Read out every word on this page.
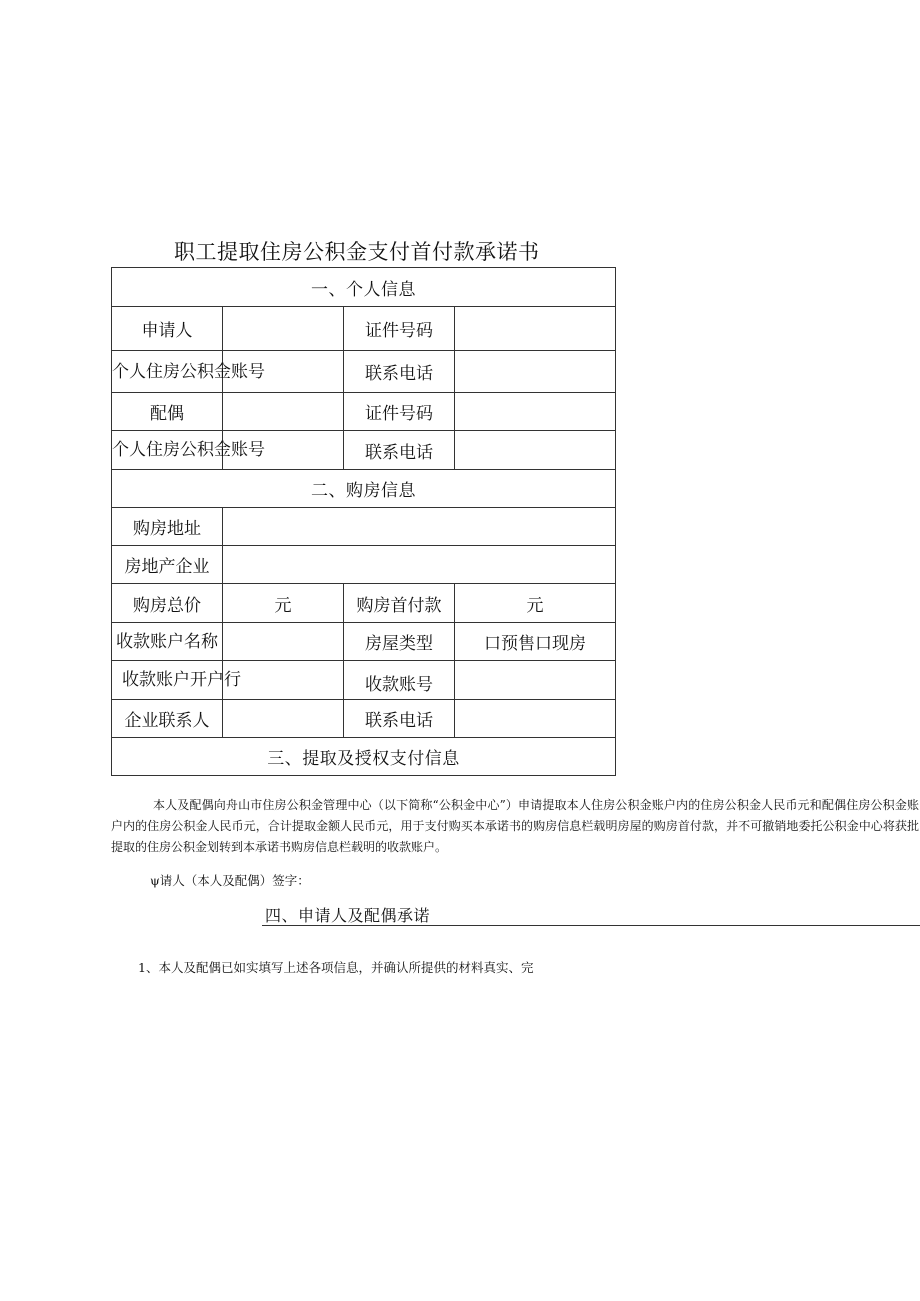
职工提取住房公积金支付首付款承诺书
一、个人信息			
申请人		证件号码	
个人住房公积金账号		联系电话	
配偶		证件号码	
个人住房公积金账号		联系电话	
二、购房信息			
购房地址			
房地产企业			
购房总价	元	购房首付款	元
收款账户名称		房屋类型	口预售口现房
收款账户开户行		收款账号	
企业联系人		联系电话	
三、提取及授权支付信息			
本人及配偶向舟山市住房公积金管理中心（以下简称“公积金中心”）申请提取本人住房公积金账户内的住房公积金人民币元和配偶住房公积金账户内的住房公积金人民币元，合计提取金额人民币元，用于支付购买本承诺书的购房信息栏载明房屋的购房首付款，并不可撤销地委托公积金中心将获批提取的住房公积金划转到本承诺书购房信息栏载明的收款账户。
ψ请人（本人及配偶）签字：
四、申请人及配偶承诺
1、本人及配偶已如实填写上述各项信息，并确认所提供的材料真实、完
